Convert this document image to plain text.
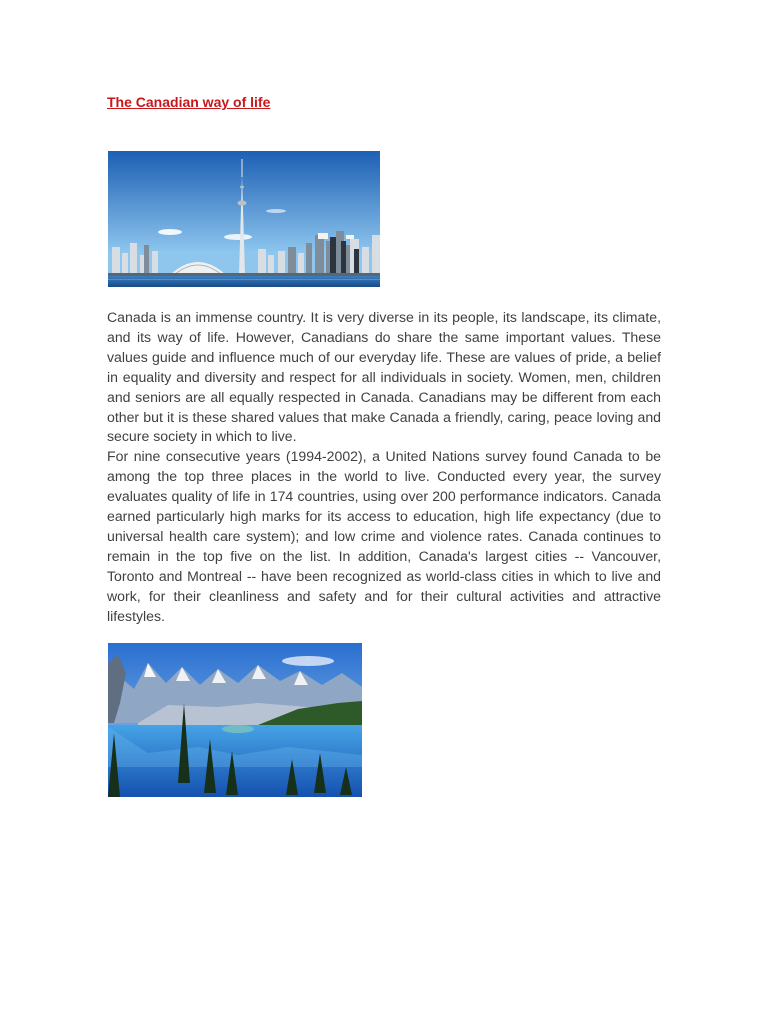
The Canadian way of life

Canada is an immense country. It is very diverse in its people, its landscape, its climate, and its way of life. However, Canadians do share the same important values. These values guide and influence much of our everyday life. These are values of pride, a belief in equality and diversity and respect for all individuals in society. Women, men, children and seniors are all equally respected in Canada. Canadians may be different from each other but it is these shared values that make Canada a friendly, caring, peace loving and secure society in which to live.

For nine consecutive years (1994-2002), a United Nations survey found Canada to be among the top three places in the world to live. Conducted every year, the survey evaluates quality of life in 174 countries, using over 200 performance indicators. Canada earned particularly high marks for its access to education, high life expectancy (due to universal health care system); and low crime and violence rates. Canada continues to remain in the top five on the list. In addition, Canada's largest cities -- Vancouver, Toronto and Montreal -- have been recognized as world-class cities in which to live and work, for their cleanliness and safety and for their cultural activities and attractive lifestyles.
